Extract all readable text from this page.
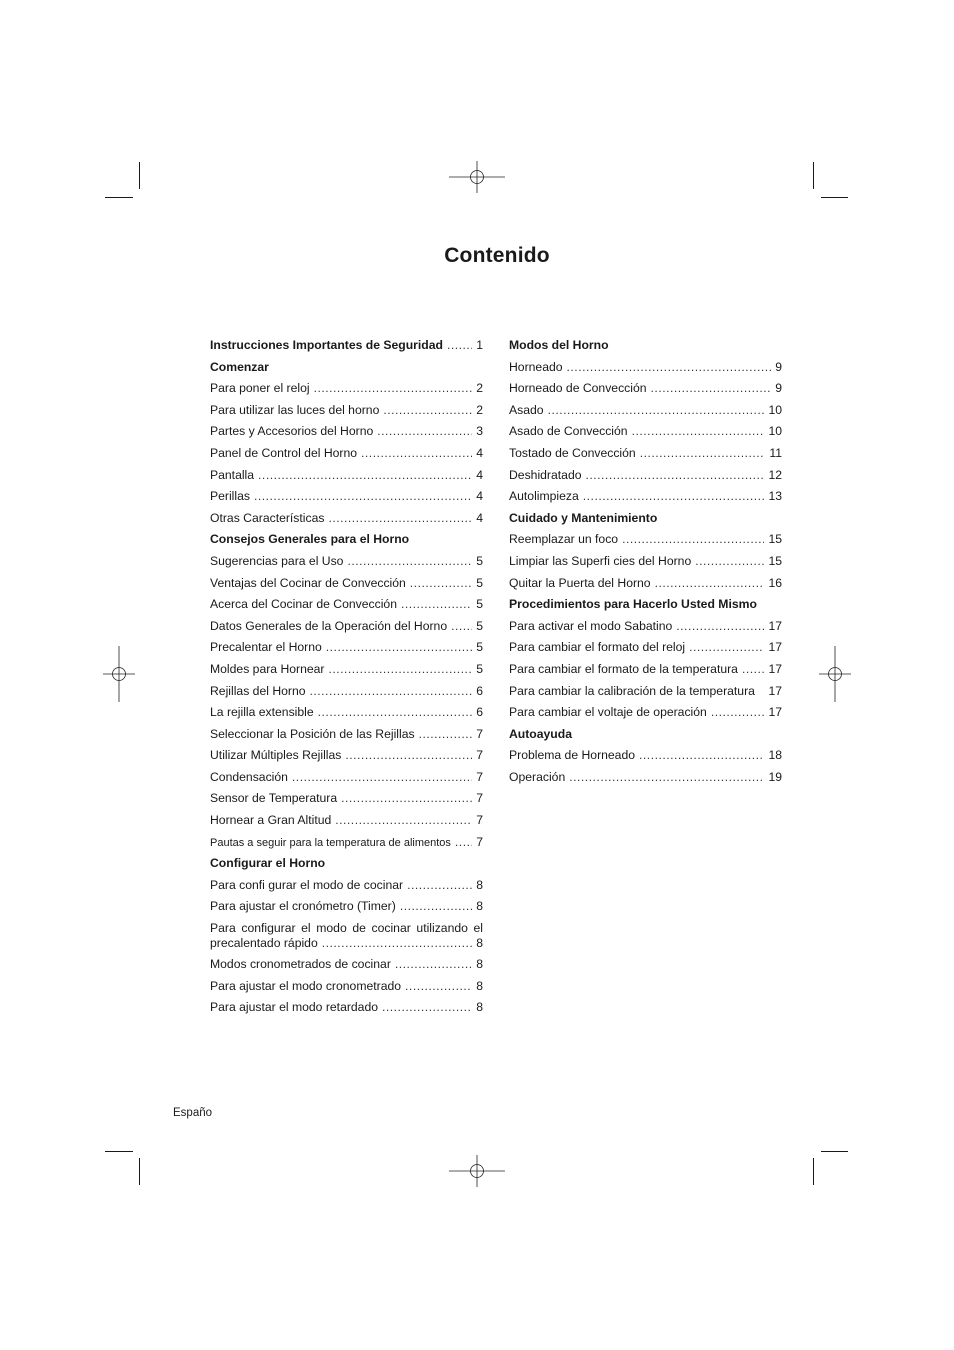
Contenido
Instrucciones Importantes de Seguridad .....	1
Comenzar
Para poner el reloj .....	2
Para utilizar las luces del horno .....	2
Partes y Accesorios del Horno .....	3
Panel de Control del Horno .....	4
Pantalla .....	4
Perillas .....	4
Otras Características .....	4
Consejos Generales para el Horno
Sugerencias para el Uso .....	5
Ventajas del Cocinar de Convección .....	5
Acerca del Cocinar de Convección .....	5
Datos Generales de la Operación del Horno ..... 5
Precalentar el Horno .....	5
Moldes para Hornear .....	5
Rejillas del Horno .....	6
La rejilla extensible .....	6
Seleccionar la Posición de las Rejillas .....	7
Utilizar Múltiples Rejillas .....	7
Condensación .....	7
Sensor de Temperatura .....	7
Hornear a Gran Altitud .....	7
Pautas a seguir para la temperatura de alimentos ..... 7
Configurar el Horno
Para confi gurar el modo de cocinar .....	8
Para ajustar el cronómetro (Timer) .....	8
Para configurar el modo de cocinar utilizando el
precalentado rápido .....	8
Modos cronometrados de cocinar .....	8
Para ajustar el modo cronometrado .....	8
Para ajustar el modo retardado .....	8
Modos del Horno
Horneado .....	9
Horneado de Convección .....	9
Asado .....	10
Asado de Convección .....	10
Tostado de Convección .....	11
Deshidratado .....	12
Autolimpieza .....	13
Cuidado y Mantenimiento
Reemplazar un foco .....	15
Limpiar las Superfi cies del Horno .....	15
Quitar la Puerta del Horno .....	16
Procedimientos para Hacerlo Usted Mismo
Para activar el modo Sabatino .....	17
Para cambiar el formato del reloj .....	17
Para cambiar el formato de la temperatura ..... 17
Para cambiar la calibración de la temperatura 17
Para cambiar el voltaje de operación .....	17
Autoayuda
Problema de Horneado .....	18
Operación .....	19
Españo
